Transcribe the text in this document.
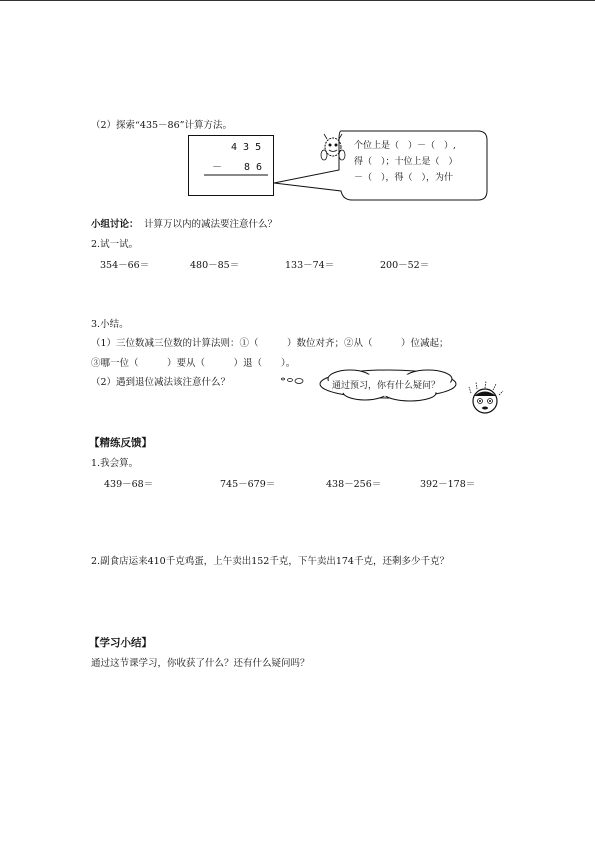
（2）探索“435－86”计算方法。
4 3 5
－ 8 6
个位上是（　）－（　）,
得（　）；十位上是（　）
－（　），得（　），为什
小组讨论： 计算万以内的减法要注意什么？
2.试一试。
354－66＝	480－85＝	133－74＝	200－52＝
3.小结。
（1）三位数减三位数的计算法则：①（　　　）数位对齐；②从（　　　）位减起；
③哪一位（　　　）要从（　　　）退（　　）。
（2）遇到退位减法该注意什么？	通过预习，你有什么疑问？
【精练反馈】
1.我会算。
439－68＝	745－679＝	438－256＝	392－178＝
2.副食店运来410千克鸡蛋，上午卖出152千克，下午卖出174千克，还剩多少千克？
【学习小结】
通过这节课学习，你收获了什么？还有什么疑问吗？
